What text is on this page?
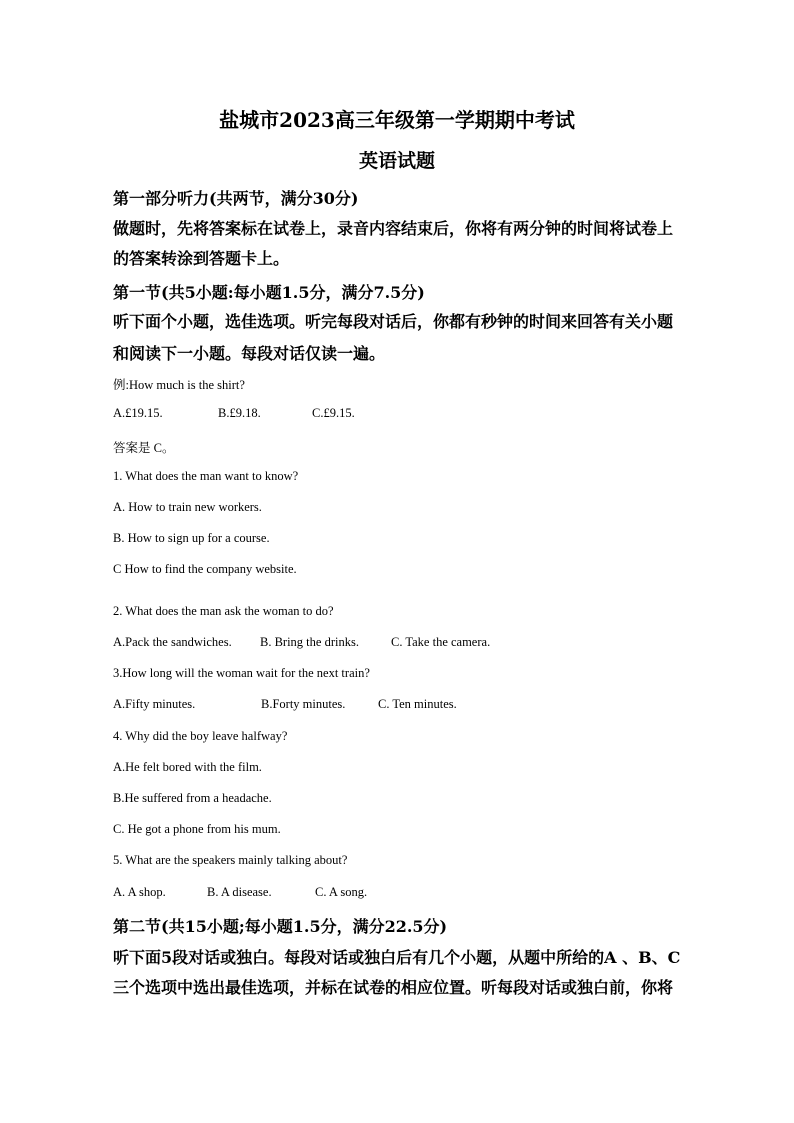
盐城市2023高三年级第一学期期中考试
英语试题
第一部分听力(共两节，满分30分)
做题时，先将答案标在试卷上，录音内容结束后，你将有两分钟的时间将试卷上
的答案转涂到答题卡上。
第一节(共5小题:每小题1.5分，满分7.5分)
听下面个小题，选佳选项。听完每段对话后，你都有秒钟的时间来回答有关小题
和阅读下一小题。每段对话仅读一遍。
例:How much is the shirt?
A.£19.15.	B.£9.18.	C.£9.15.
答案是 C。
1. What does the man want to know?
A. How to train new workers.
B. How to sign up for a course.
C How to find the company website.
2. What does the man ask the woman to do?
A.Pack the sandwiches. B. Bring the drinks.	C. Take the camera.
3.How long will the woman wait for the next train?
A.Fifty minutes.	B.Forty minutes.	C. Ten minutes.
4. Why did the boy leave halfway?
A.He felt bored with the film.
B.He suffered from a headache.
C. He got a phone from his mum.
5. What are the speakers mainly talking about?
A. A shop.	B. A disease.	C. A song.
第二节(共15小题;每小题1.5分，满分22.5分)
听下面5段对话或独白。每段对话或独白后有几个小题，从题中所给的A 、B、C
三个选项中选出最佳选项，并标在试卷的相应位置。听每段对话或独白前，你将
